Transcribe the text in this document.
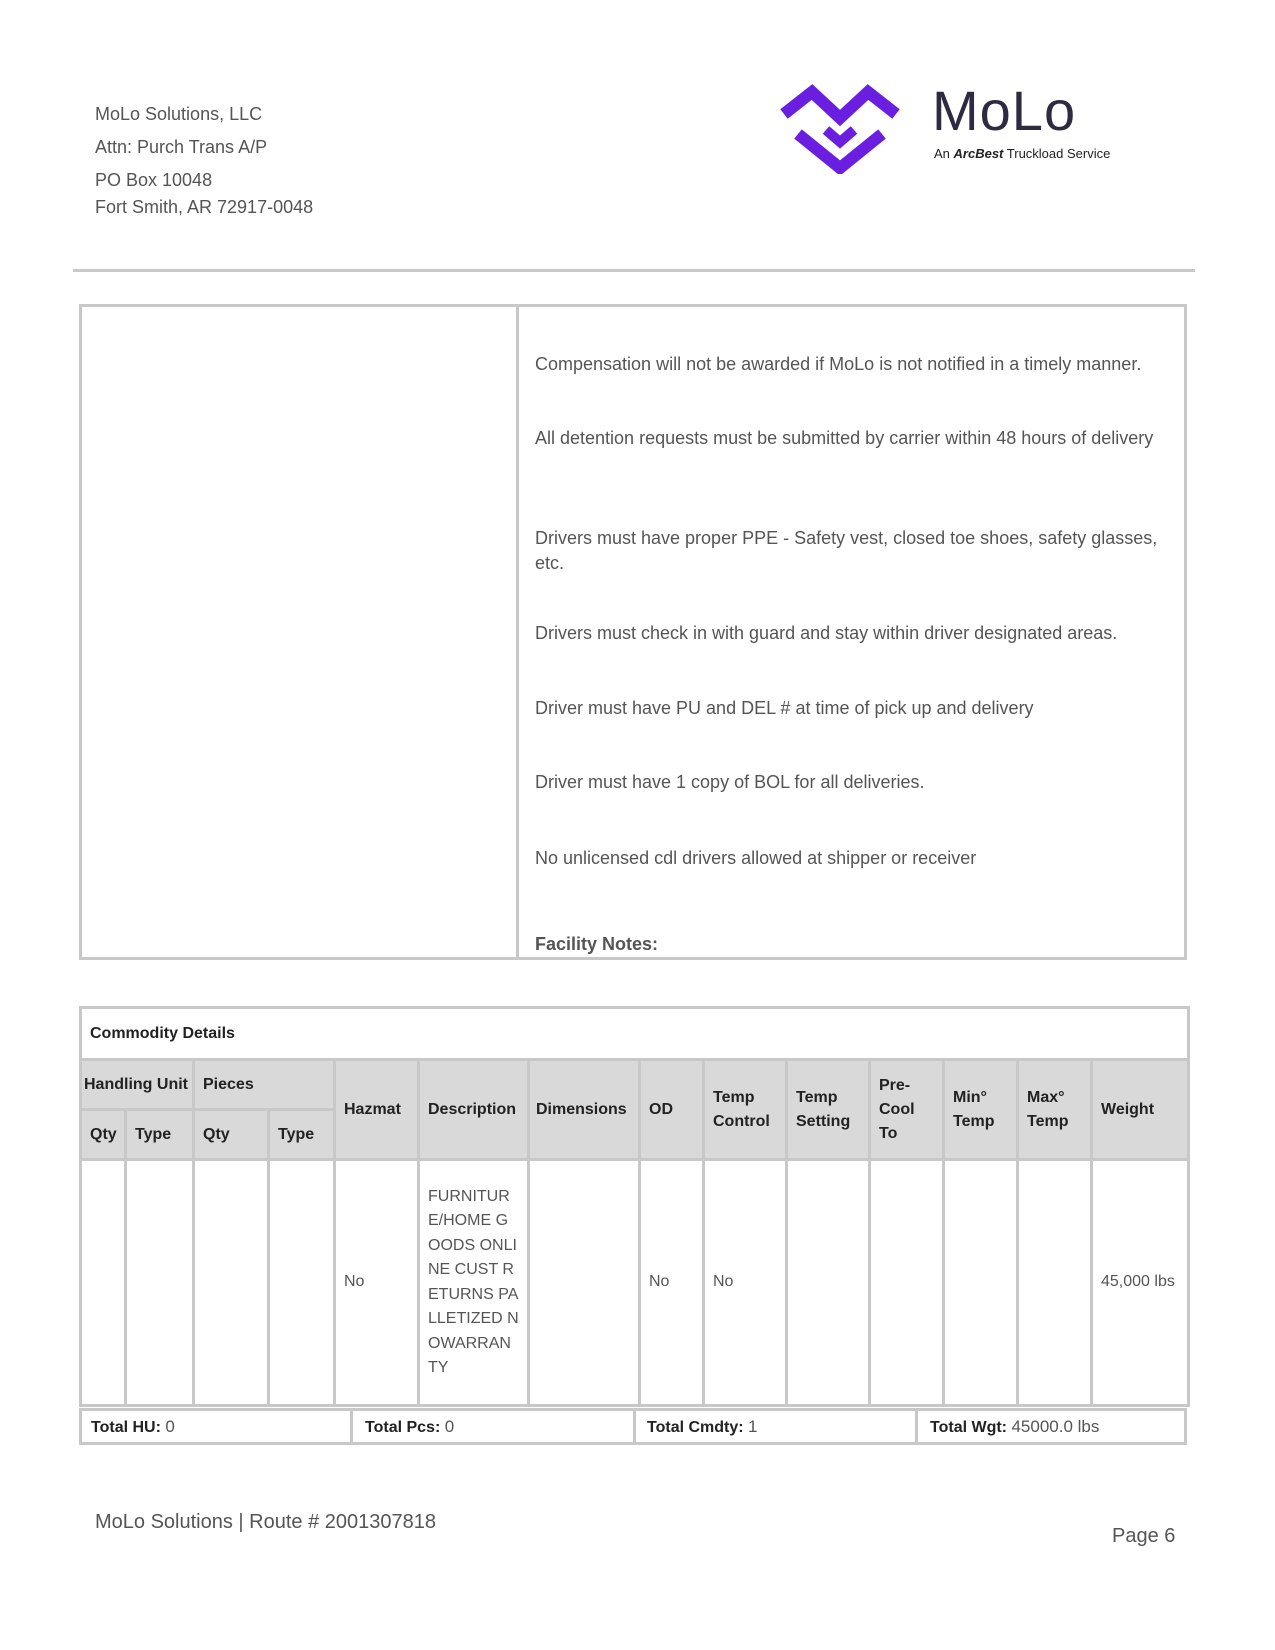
MoLo Solutions, LLC
Attn: Purch Trans A/P
PO Box 10048
Fort Smith, AR 72917-0048
MoLo
An ArcBest Truckload Service
Compensation will not be awarded if MoLo is not notified in a timely manner.
All detention requests must be submitted by carrier within 48 hours of delivery
Drivers must have proper PPE - Safety vest, closed toe shoes, safety glasses, etc.
Drivers must check in with guard and stay within driver designated areas.
Driver must have PU and DEL # at time of pick up and delivery
Driver must have 1 copy of BOL for all deliveries.
No unlicensed cdl drivers allowed at shipper or receiver
Facility Notes:
Commodity Details													
Handling Unit		Pieces		Hazmat	Description	Dimensions	OD	Temp Control	Temp Setting	Pre-Cool To	Min° Temp	Max° Temp	Weight
Qty	Type	Qty	Type										
				No	FURNITURE/HOME GOODS ONLINE CUST RETURNS PALLETIZED NOWARRANTY		No	No					45,000 lbs
Total HU: 0	Total Pcs: 0	Total Cmdty: 1	Total Wgt: 45000.0 lbs
MoLo Solutions | Route # 2001307818
Page 6
